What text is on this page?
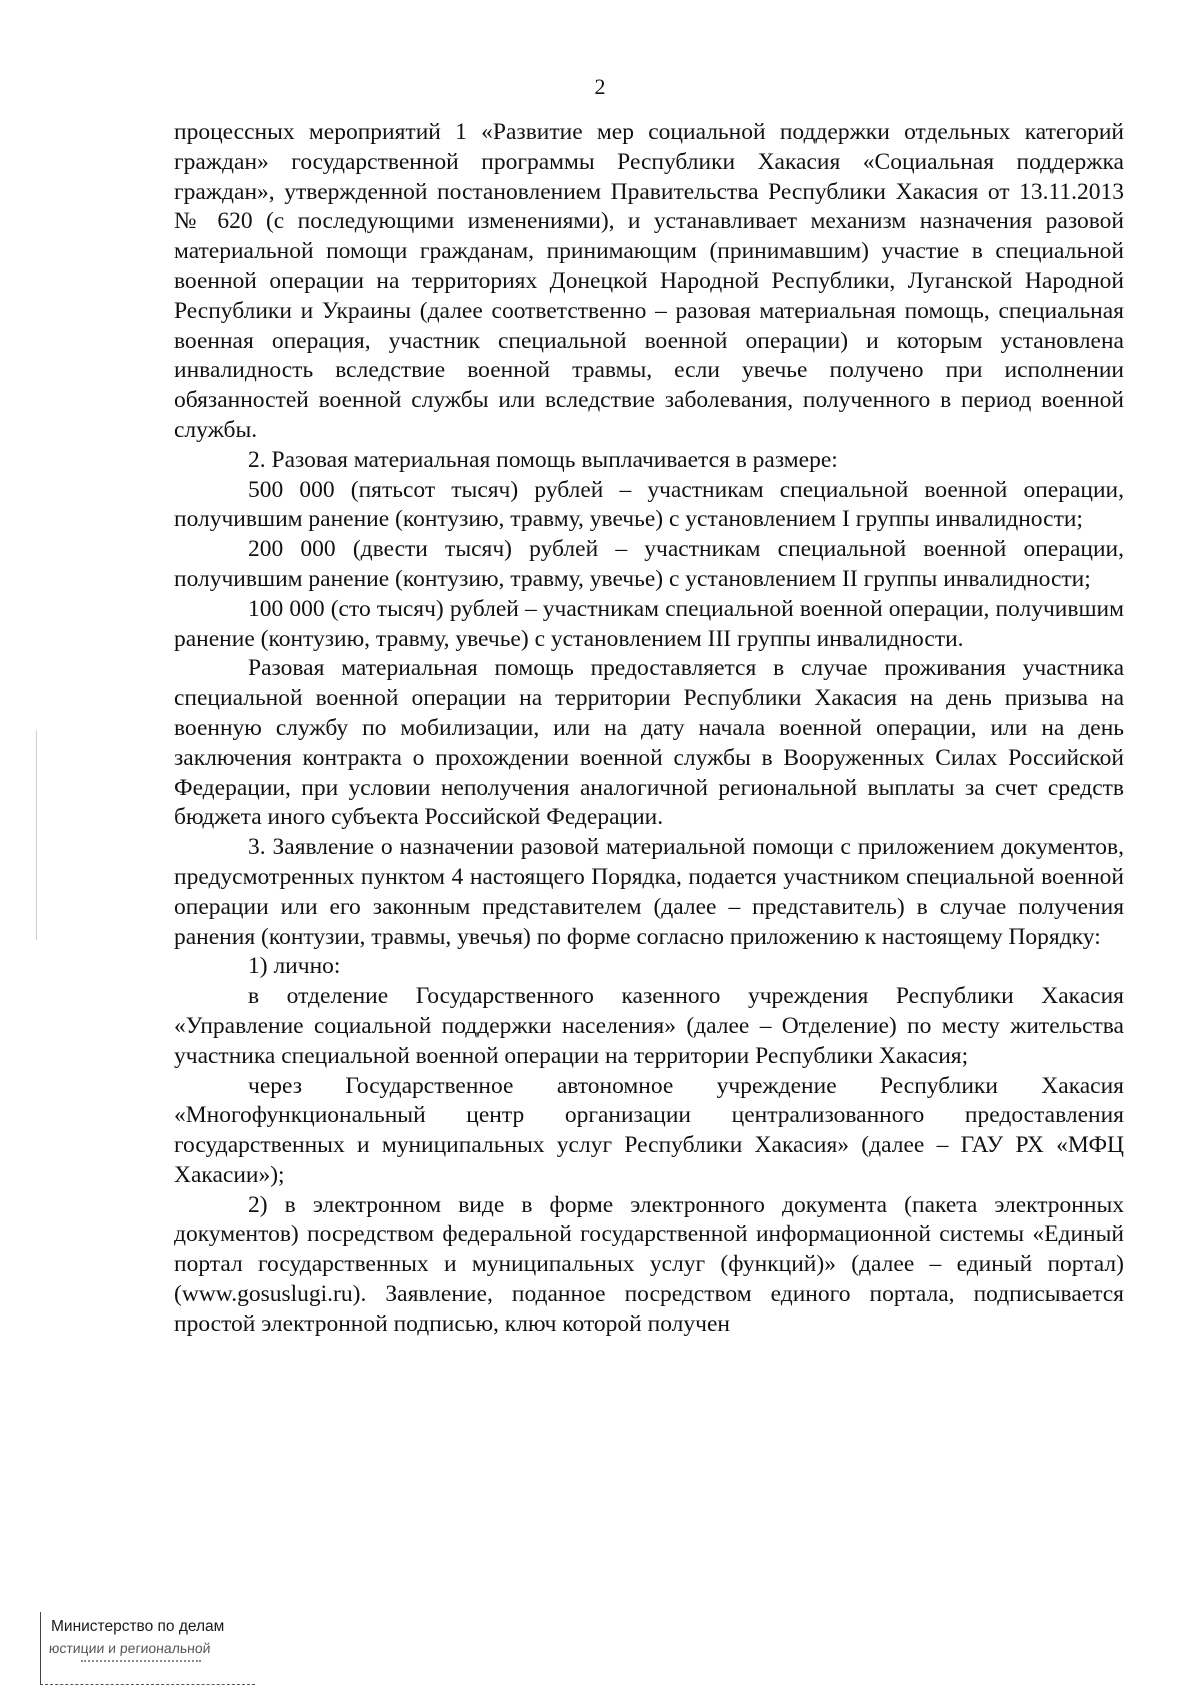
2

процессных мероприятий 1 «Развитие мер социальной поддержки отдельных категорий граждан» государственной программы Республики Хакасия «Социальная поддержка граждан», утвержденной постановлением Правительства Республики Хакасия от 13.11.2013 № 620 (с последующими изменениями), и устанавливает механизм назначения разовой материальной помощи гражданам, принимающим (принимавшим) участие в специальной военной операции на территориях Донецкой Народной Республики, Луганской Народной Республики и Украины (далее соответственно – разовая материальная помощь, специальная военная операция, участник специальной военной операции) и которым установлена инвалидность вследствие военной травмы, если увечье получено при исполнении обязанностей военной службы или вследствие заболевания, полученного в период военной службы.

2. Разовая материальная помощь выплачивается в размере:

500 000 (пятьсот тысяч) рублей – участникам специальной военной операции, получившим ранение (контузию, травму, увечье) с установлением I группы инвалидности;

200 000 (двести тысяч) рублей – участникам специальной военной операции, получившим ранение (контузию, травму, увечье) с установлением II группы инвалидности;

100 000 (сто тысяч) рублей – участникам специальной военной операции, получившим ранение (контузию, травму, увечье) с установлением III группы инвалидности.

Разовая материальная помощь предоставляется в случае проживания участника специальной военной операции на территории Республики Хакасия на день призыва на военную службу по мобилизации, или на дату начала военной операции, или на день заключения контракта о прохождении военной службы в Вооруженных Силах Российской Федерации, при условии неполучения аналогичной региональной выплаты за счет средств бюджета иного субъекта Российской Федерации.

3. Заявление о назначении разовой материальной помощи с приложением документов, предусмотренных пунктом 4 настоящего Порядка, подается участником специальной военной операции или его законным представителем (далее – представитель) в случае получения ранения (контузии, травмы, увечья) по форме согласно приложению к настоящему Порядку:

1) лично:

в отделение Государственного казенного учреждения Республики Хакасия «Управление социальной поддержки населения» (далее – Отделение) по месту жительства участника специальной военной операции на территории Республики Хакасия;

через Государственное автономное учреждение Республики Хакасия «Многофункциональный центр организации централизованного предоставления государственных и муниципальных услуг Республики Хакасия» (далее – ГАУ РХ «МФЦ Хакасии»);

2) в электронном виде в форме электронного документа (пакета электронных документов) посредством федеральной государственной информационной системы «Единый портал государственных и муниципальных услуг (функций)» (далее – единый портал) (www.gosuslugi.ru). Заявление, поданное посредством единого портала, подписывается простой электронной подписью, ключ которой получен

Министерство по делам
юстиции и региональной
